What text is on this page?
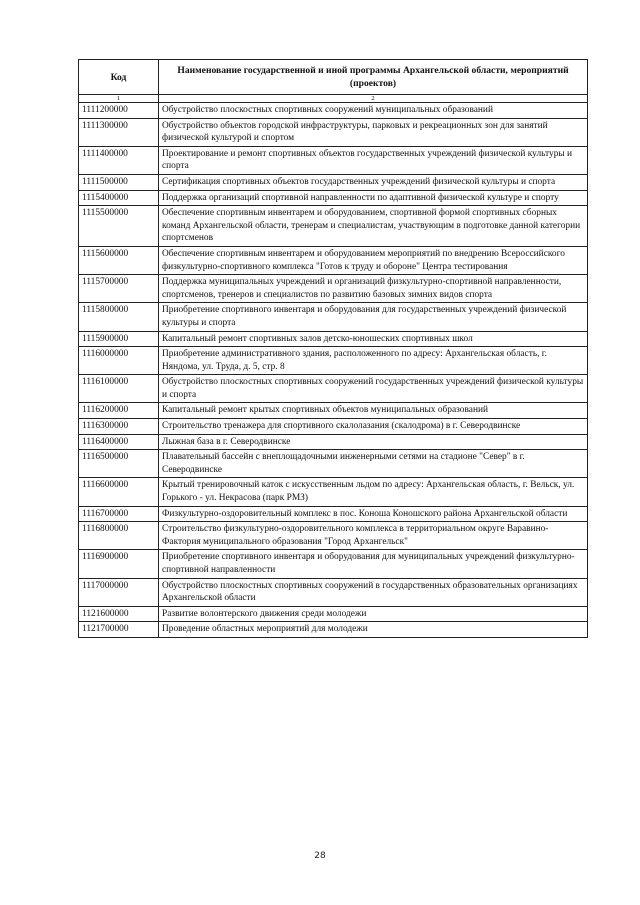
Код	Наименование государственной и иной программы Архангельской области, мероприятий (проектов)
1	2
1111200000	Обустройство плоскостных спортивных сооружений муниципальных образований
1111300000	Обустройство объектов городской инфраструктуры, парковых и рекреационных зон для занятий физической культурой и спортом
1111400000	Проектирование и ремонт спортивных объектов государственных учреждений физической культуры и спорта
1111500000	Сертификация спортивных объектов государственных учреждений физической культуры и спорта
1115400000	Поддержка организаций спортивной направленности по адаптивной физической культуре и спорту
1115500000	Обеспечение спортивным инвентарем и оборудованием, спортивной формой спортивных сборных команд Архангельской области, тренерам и специалистам, участвующим в подготовке данной категории спортсменов
1115600000	Обеспечение спортивным инвентарем и оборудованием мероприятий по внедрению Всероссийского физкультурно-спортивного комплекса "Готов к труду и обороне" Центра тестирования
1115700000	Поддержка муниципальных учреждений и организаций физкультурно-спортивной направленности, спортсменов, тренеров и специалистов по развитию базовых зимних видов спорта
1115800000	Приобретение спортивного инвентаря и оборудования для государственных учреждений физической культуры и спорта
1115900000	Капитальный ремонт спортивных залов детско-юношеских спортивных школ
1116000000	Приобретение административного здания, расположенного по адресу: Архангельская область, г. Няндома, ул. Труда, д. 5, стр. 8
1116100000	Обустройство плоскостных спортивных сооружений государственных учреждений физической культуры и спорта
1116200000	Капитальный ремонт крытых спортивных объектов муниципальных образований
1116300000	Строительство тренажера для спортивного скалолазания (скалодрома) в г. Северодвинске
1116400000	Лыжная база в г. Северодвинске
1116500000	Плавательный бассейн с внеплощадочными инженерными сетями на стадионе "Север" в г. Северодвинске
1116600000	Крытый тренировочный каток с искусственным льдом по адресу: Архангельская область, г. Вельск, ул. Горького - ул. Некрасова (парк РМЗ)
1116700000	Физкультурно-оздоровительный комплекс в пос. Коноша Коношского района Архангельской области
1116800000	Строительство физкультурно-оздоровительного комплекса в территориальном округе Варавино-Фактория муниципального образования "Город Архангельск"
1116900000	Приобретение спортивного инвентаря и оборудования для муниципальных учреждений физкультурно-спортивной направленности
1117000000	Обустройство плоскостных спортивных сооружений в государственных образовательных организациях Архангельской области
1121600000	Развитие волонтерского движения среди молодежи
1121700000	Проведение областных мероприятий для молодежи
28
